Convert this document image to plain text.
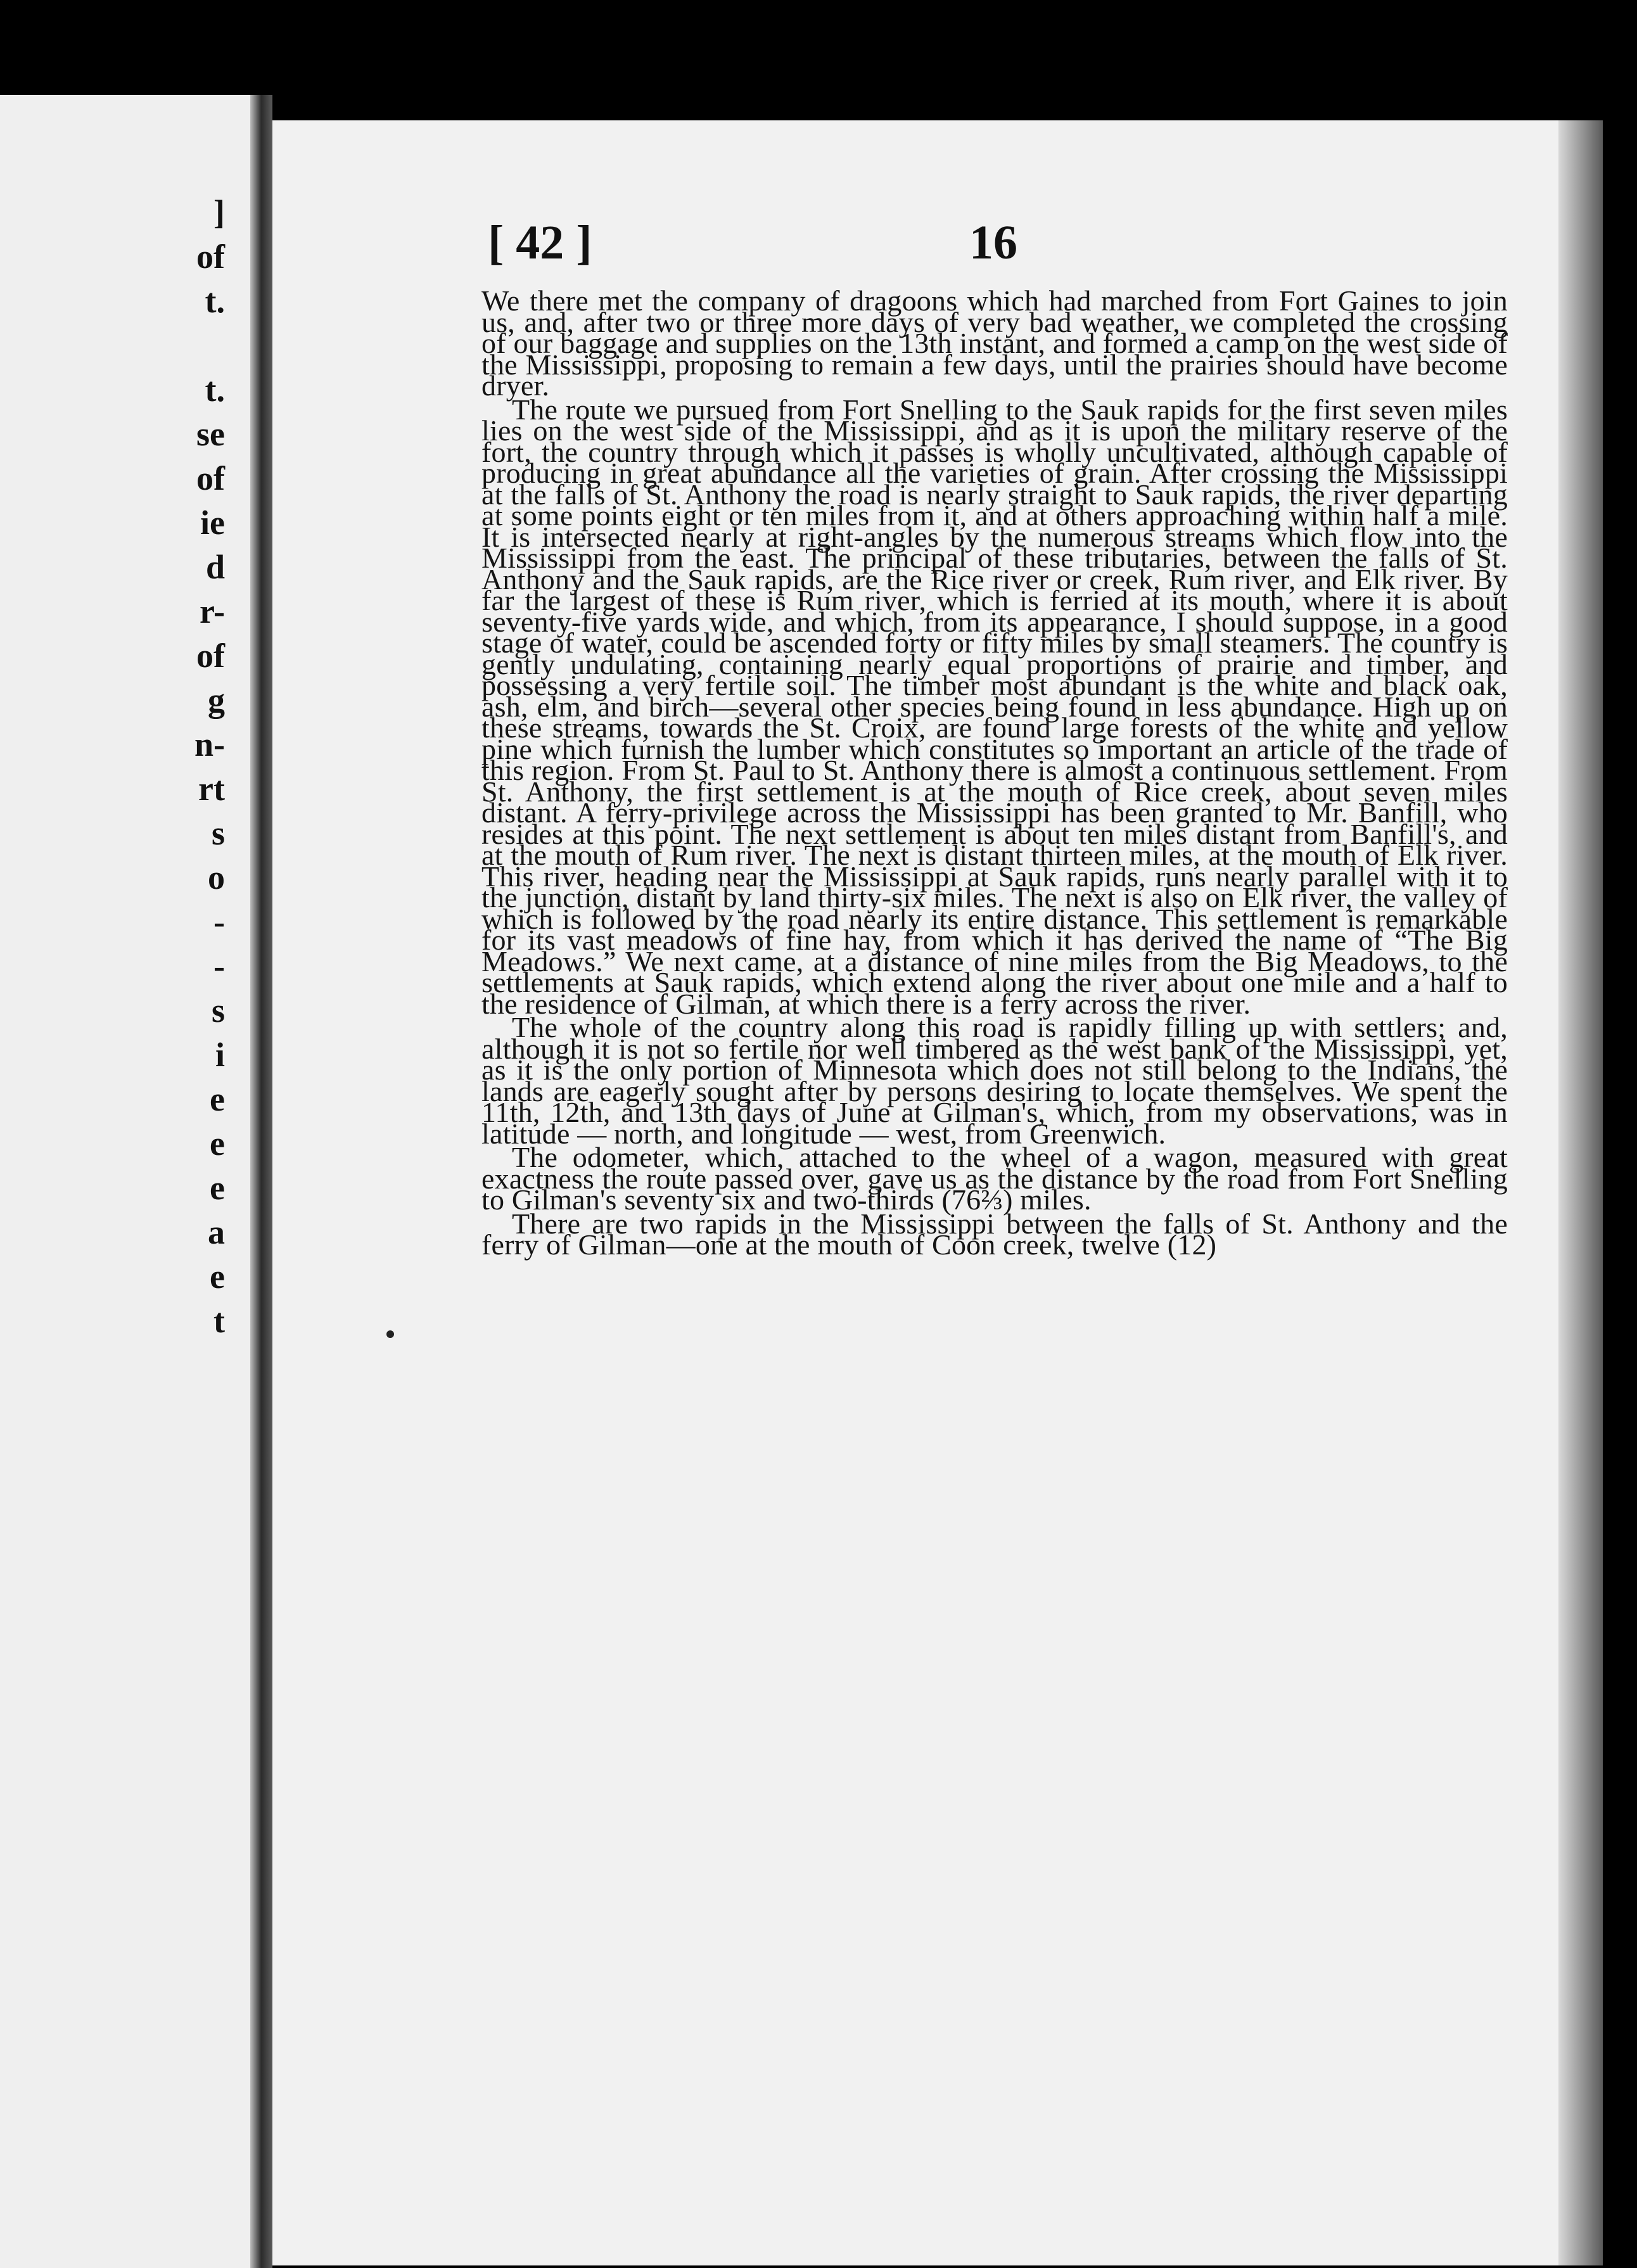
]
of
t.
t.
se
of
ie
d
r-
of
g
n-
rt
s
o
-
-
s
i
e
e
e
a
e
t
[ 42 ]	16

We there met the company of dragoons which had marched from Fort Gaines to join us, and, after two or three more days of very bad weather, we completed the crossing of our baggage and supplies on the 13th instant, and formed a camp on the west side of the Mississippi, proposing to remain a few days, until the prairies should have become dryer.

The route we pursued from Fort Snelling to the Sauk rapids for the first seven miles lies on the west side of the Mississippi, and as it is upon the military reserve of the fort, the country through which it passes is wholly uncultivated, although capable of producing in great abundance all the varieties of grain. After crossing the Mississippi at the falls of St. Anthony the road is nearly straight to Sauk rapids, the river departing at some points eight or ten miles from it, and at others approaching within half a mile. It is intersected nearly at right-angles by the numerous streams which flow into the Mississippi from the east. The principal of these tributaries, between the falls of St. Anthony and the Sauk rapids, are the Rice river or creek, Rum river, and Elk river. By far the largest of these is Rum river, which is ferried at its mouth, where it is about seventy-five yards wide, and which, from its appearance, I should suppose, in a good stage of water, could be ascended forty or fifty miles by small steamers. The country is gently undulating, containing nearly equal proportions of prairie and timber, and possessing a very fertile soil. The timber most abundant is the white and black oak, ash, elm, and birch—several other species being found in less abundance. High up on these streams, towards the St. Croix, are found large forests of the white and yellow pine which furnish the lumber which constitutes so important an article of the trade of this region. From St. Paul to St. Anthony there is almost a continuous settlement. From St. Anthony, the first settlement is at the mouth of Rice creek, about seven miles distant. A ferry-privilege across the Mississippi has been granted to Mr. Banfill, who resides at this point. The next settlement is about ten miles distant from Banfill's, and at the mouth of Rum river. The next is distant thirteen miles, at the mouth of Elk river. This river, heading near the Mississippi at Sauk rapids, runs nearly parallel with it to the junction, distant by land thirty-six miles. The next is also on Elk river, the valley of which is followed by the road nearly its entire distance. This settlement is remarkable for its vast meadows of fine hay, from which it has derived the name of “The Big Meadows.” We next came, at a distance of nine miles from the Big Meadows, to the settlements at Sauk rapids, which extend along the river about one mile and a half to the residence of Gilman, at which there is a ferry across the river.

The whole of the country along this road is rapidly filling up with settlers; and, although it is not so fertile nor well timbered as the west bank of the Mississippi, yet, as it is the only portion of Minnesota which does not still belong to the Indians, the lands are eagerly sought after by persons desiring to locate themselves. We spent the 11th, 12th, and 13th days of June at Gilman's, which, from my observations, was in latitude — north, and longitude — west, from Greenwich.

The odometer, which, attached to the wheel of a wagon, measured with great exactness the route passed over, gave us as the distance by the road from Fort Snelling to Gilman's seventy six and two-thirds (76⅔) miles.

There are two rapids in the Mississippi between the falls of St. Anthony and the ferry of Gilman—one at the mouth of Coon creek, twelve (12)
